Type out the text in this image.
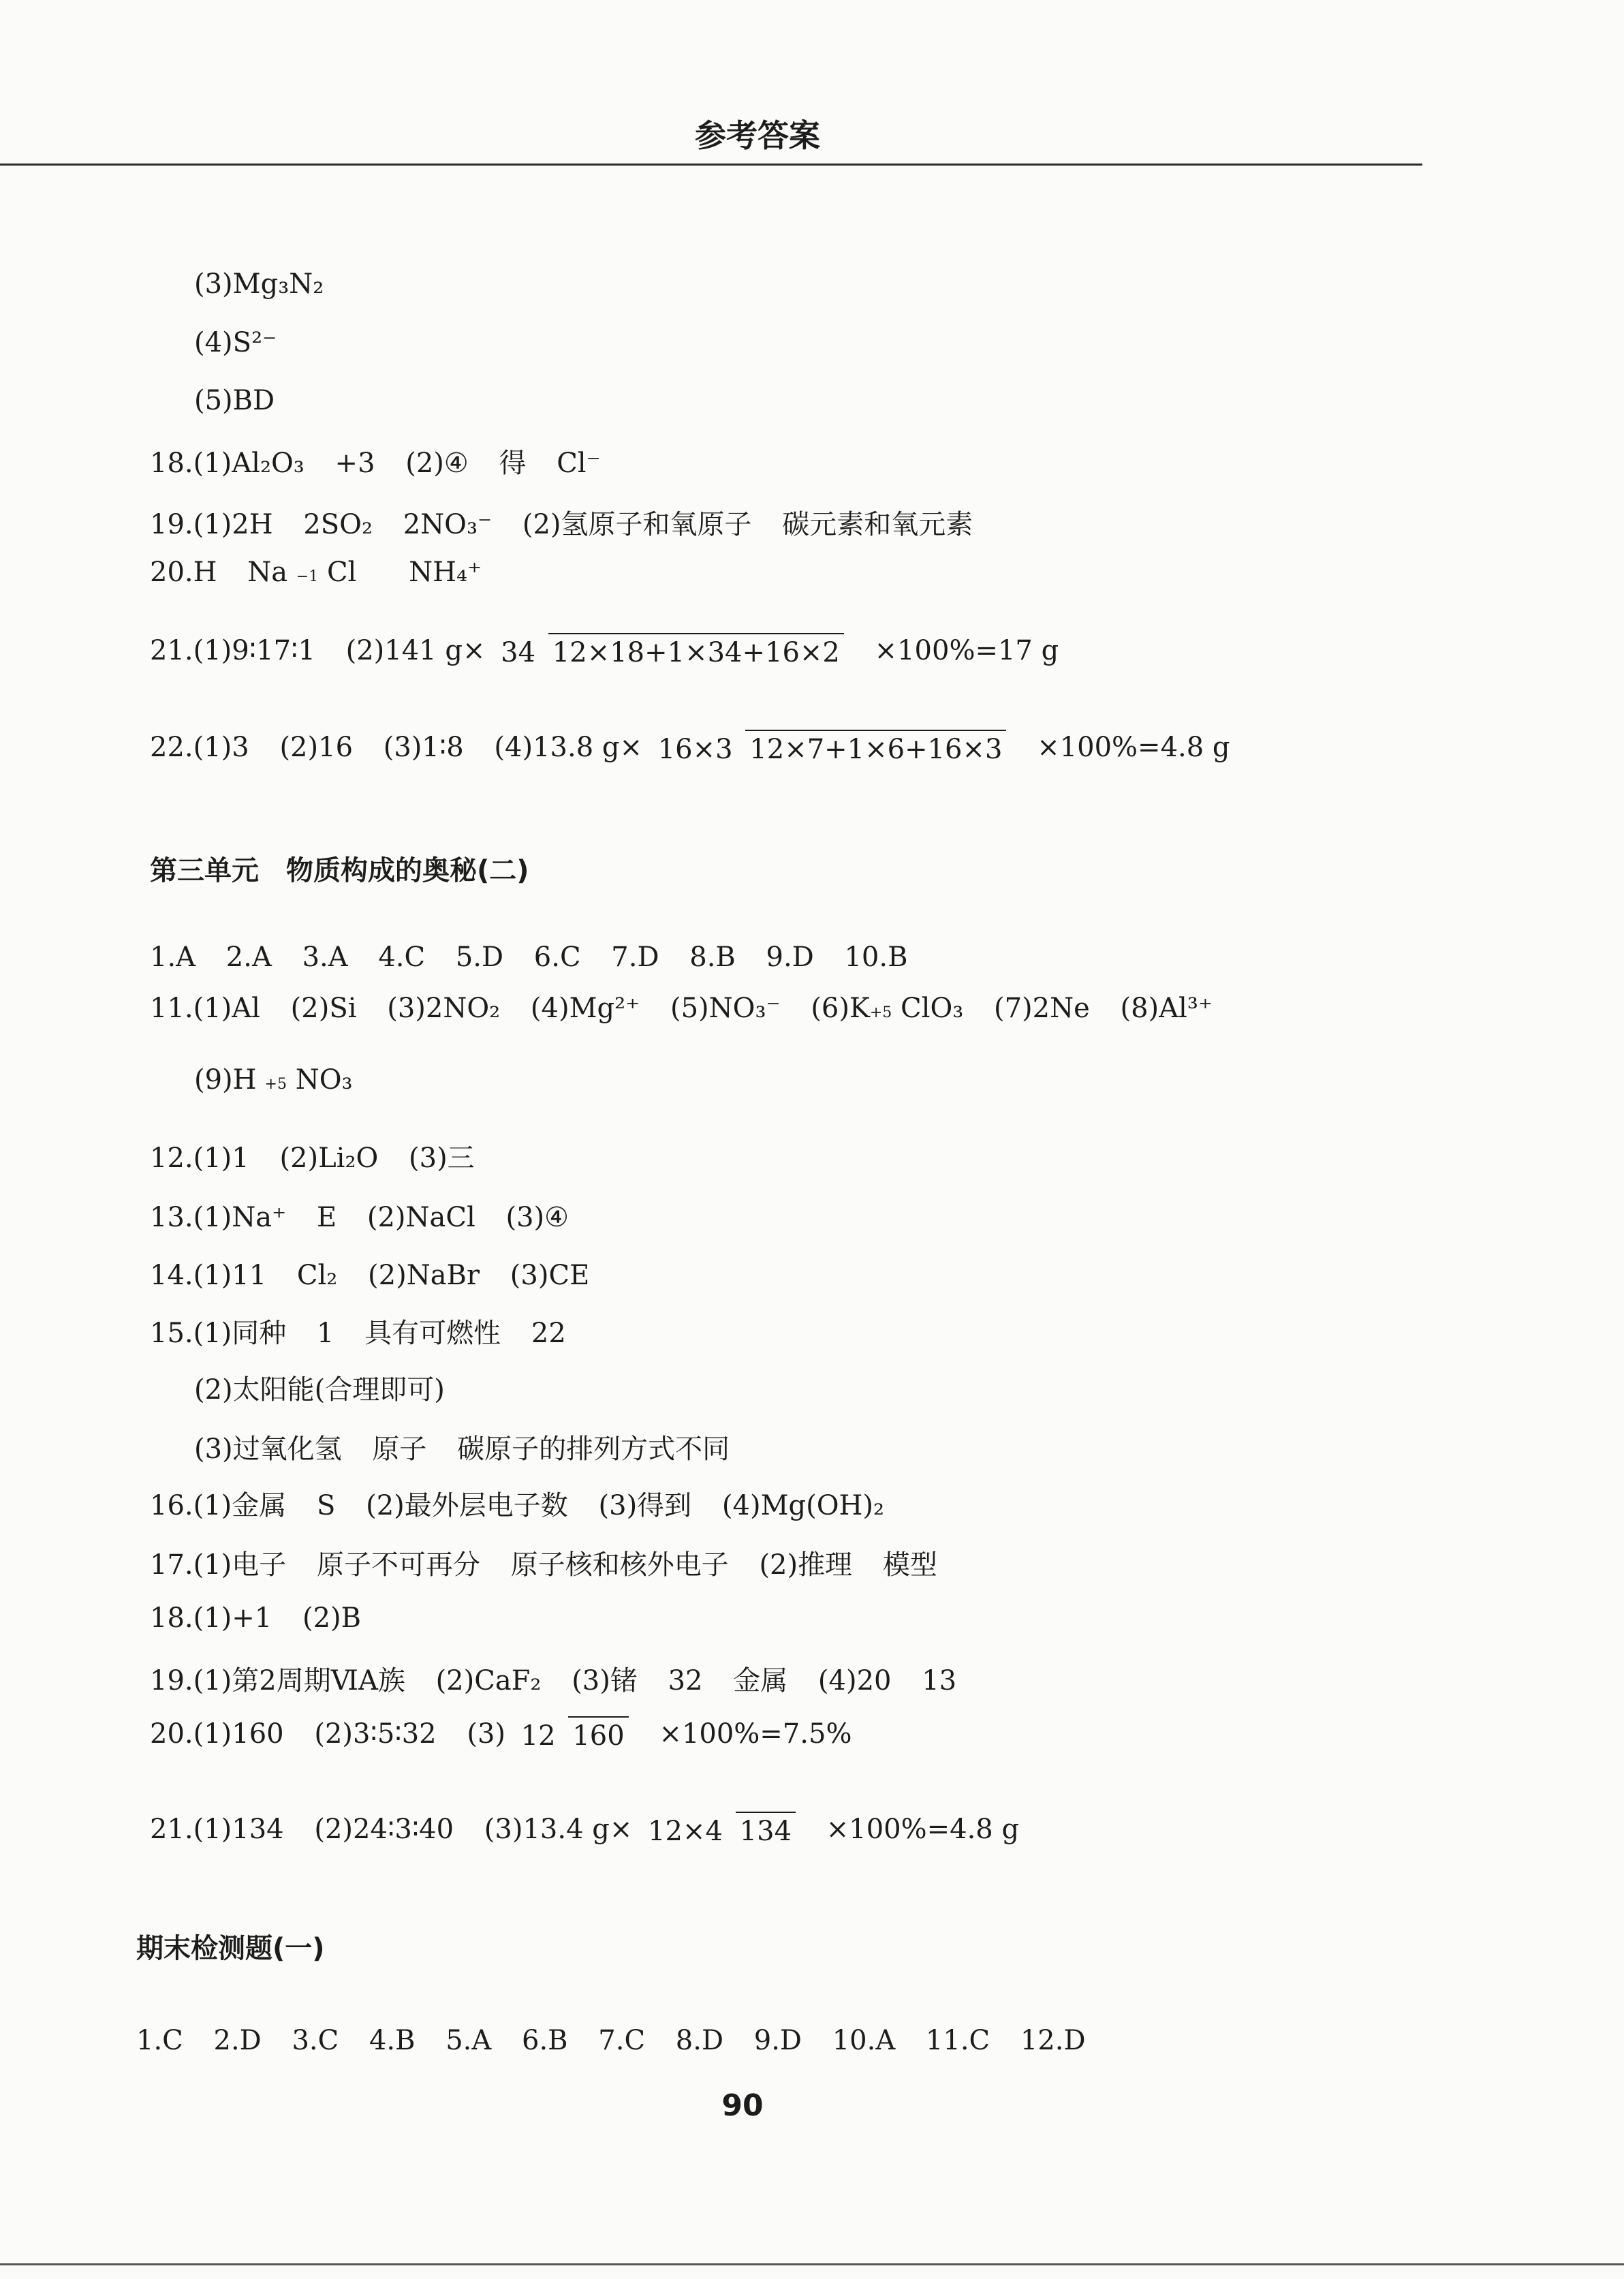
参考答案
(3)Mg₃N₂
(4)S²⁻
(5)BD
18.(1)Al₂O₃ +3 (2)④ 得 Cl⁻
19.(1)2H 2SO₂ 2NO₃⁻ (2)氢原子和氧原子 碳元素和氧元素
20.H Na −1 Cl NH₄⁺
21.(1)9∶17∶1 (2)141 g× 34 12×18+1×34+16×2 ×100%=17 g
22.(1)3 (2)16 (3)1∶8 (4)13.8 g× 16×3 12×7+1×6+16×3 ×100%=4.8 g
第三单元　物质构成的奥秘(二)
1.A 2.A 3.A 4.C 5.D 6.C 7.D 8.B 9.D 10.B
11.(1)Al (2)Si (3)2NO₂ (4)Mg²⁺ (5)NO₃⁻ (6)K+5 ClO₃ (7)2Ne (8)Al³⁺
(9)H +5 NO₃
12.(1)1 (2)Li₂O (3)三
13.(1)Na⁺ E (2)NaCl (3)④
14.(1)11 Cl₂ (2)NaBr (3)CE
15.(1)同种 1 具有可燃性 22
(2)太阳能(合理即可)
(3)过氧化氢 原子 碳原子的排列方式不同
16.(1)金属 S (2)最外层电子数 (3)得到 (4)Mg(OH)₂
17.(1)电子 原子不可再分 原子核和核外电子 (2)推理 模型
18.(1)+1 (2)B
19.(1)第2周期ⅥA族 (2)CaF₂ (3)锗 32 金属 (4)20 13
20.(1)160 (2)3∶5∶32 (3) 12 160 ×100%=7.5%
21.(1)134 (2)24∶3∶40 (3)13.4 g× 12×4 134 ×100%=4.8 g
期末检测题(一)
1.C 2.D 3.C 4.B 5.A 6.B 7.C 8.D 9.D 10.A 11.C 12.D
90
